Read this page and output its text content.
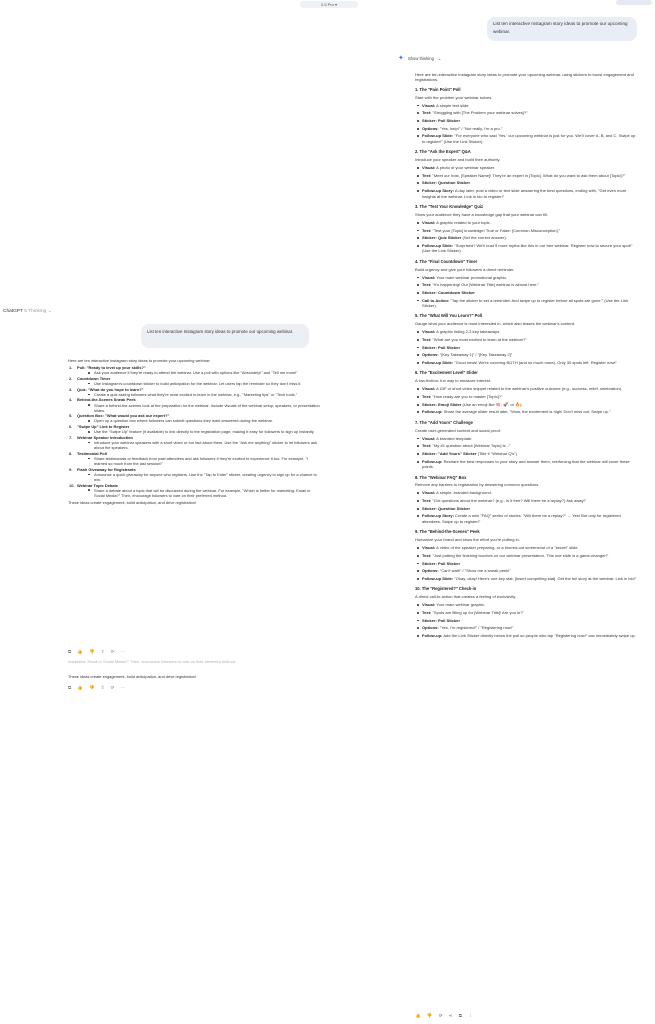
2.5 Pro ▾
List ten interactive Instagram story ideas to promote our upcoming webinar.
✦ Show thinking ⌄
Here are ten interactive Instagram story ideas to promote your upcoming webinar, using stickers to boost engagement and registrations.
1. The "Pain Point" Poll
Start with the problem your webinar solves.
Visual: A simple text slide.
Text: "Struggling with [The Problem your webinar solves]?"
Sticker: Poll Sticker
Options: "Yes, help!" / "Not really, I'm a pro."
Follow-up Slide: "For everyone who said 'Yes,' our upcoming webinar is just for you. We'll cover A, B, and C. Swipe up to register!" (Use the Link Sticker).
2. The "Ask the Expert" Q&A
Introduce your speaker and build their authority.
Visual: A photo of your webinar speaker.
Text: "Meet our host, [Speaker Name]! They're an expert in [Topic]. What do you want to ask them about [Topic]?"
Sticker: Question Sticker
Follow-up Story: A day later, post a video or text slide answering the best questions, ending with, "Get even more insights at the webinar. Link in bio to register!"
3. The "Test Your Knowledge" Quiz
Show your audience they have a knowledge gap that your webinar can fill.
Visual: A graphic related to your topic.
Text: "Test your [Topic] knowledge! True or False: [Common Misconception]."
Sticker: Quiz Sticker (Set the correct answer).
Follow-up Slide: "Surprised? We'll bust 5 more myths like this in our free webinar. Register now to secure your spot!" (Use the Link Sticker).
4. The "Final Countdown" Timer
Build urgency and give your followers a direct reminder.
Visual: Your main webinar promotional graphic.
Text: "It's happening! Our [Webinar Title] webinar is almost here."
Sticker: Countdown Sticker
Call to Action: "Tap the sticker to set a reminder! And swipe up to register before all spots are gone." (Use the Link Sticker).
5. The "What Will You Learn?" Poll
Gauge what your audience is most interested in, which also teases the webinar's content.
Visual: A graphic listing 2-3 key takeaways.
Text: "What are you most excited to learn at the webinar?"
Sticker: Poll Sticker
Options: "[Key Takeaway 1]" / "[Key Takeaway 2]"
Follow-up Slide: "Good news! We're covering BOTH (and so much more). Only 30 spots left. Register now!"
6. The "Excitement Level" Slider
A low-friction, fun way to measure interest.
Visual: A GIF or short video snippet related to the webinar's positive outcome (e.g., success, relief, celebration).
Text: "How ready are you to master [Topic]?"
Sticker: Emoji Slider (Use an emoji like 🧠, 🚀, or 🔥).
Follow-up: Share the average slider result later, "Wow, the excitement is high! Don't miss out. Swipe up."
7. The "Add Yours" Challenge
Create user-generated content and social proof.
Visual: A branded template.
Text: "My #1 question about [Webinar Topic] is..."
Sticker: "Add Yours" Sticker (Title it "Webinar Q's")
Follow-up: Reshare the best responses to your story and answer them, reinforcing that the webinar will cover these points.
8. The "Webinar FAQ" Box
Remove any barriers to registration by answering common questions.
Visual: A simple, branded background.
Text: "Got questions about the webinar? (e.g., Is it free? Will there be a replay?) Ask away!"
Sticker: Question Sticker
Follow-up Story: Create a mini "FAQ" series of stories. "Will there be a replay?" → Yes! But only for registered attendees. Swipe up to register!"
9. The "Behind-the-Scenes" Peek
Humanize your brand and show the effort you're putting in.
Visual: A video of the speaker preparing, or a blurred-out screenshot of a "secret" slide.
Text: "Just putting the finishing touches on our webinar presentation. This one slide is a game-changer!"
Sticker: Poll Sticker
Options: "Can't wait!" / "Show me a sneak peek!"
Follow-up Slide: "Okay, okay! Here's one key stat: [Insert compelling stat]. Get the full story at the webinar. Link in bio!"
10. The "Registered?" Check-in
A direct call-to-action that creates a feeling of exclusivity.
Visual: Your main webinar graphic.
Text: "Spots are filling up for [Webinar Title]! Are you in?"
Sticker: Poll Sticker
Options: "Yes, I'm registered!" / "Registering now!"
Follow-up: Add the Link Sticker directly below the poll so people who tap "Registering now!" can immediately swipe up.
👍 👎 ⟳ ⋖ ⧉ ⋮
ChatGPT 5 Thinking ⌄
List ten interactive Instagram story ideas to promote our upcoming webinar.
Here are ten interactive Instagram story ideas to promote your upcoming webinar:
1. Poll: "Ready to level up your skills?"
Ask your audience if they're ready to attend the webinar. Use a poll with options like "Absolutely!" and "Tell me more!"
2. Countdown Timer
Use Instagram's countdown sticker to build anticipation for the webinar. Let users tap the reminder so they don't miss it.
3. Quiz: "What do you hope to learn?"
Create a quiz asking followers what they're most excited to learn in the webinar, e.g., "Marketing tips" or "Tech tools."
4. Behind-the-Scenes Sneak Peek
Share a behind-the-scenes look at the preparation for the webinar. Include visuals of the webinar setup, speakers, or presentation slides.
5. Question Box: "What would you ask our expert?"
Open up a question box where followers can submit questions they want answered during the webinar.
6. "Swipe Up" Link to Register
Use the "Swipe Up" feature (if available) to link directly to the registration page, making it easy for followers to sign up instantly.
7. Webinar Speaker Introduction
Introduce your webinar speakers with a short video or fun fact about them. Use the "Ask me anything" sticker to let followers ask about the speakers.
8. Testimonial Poll
Share testimonials or feedback from past attendees and ask followers if they're excited to experience it too. For example, "I learned so much from the last session!"
9. Flash Giveaway for Registrants
Announce a quick giveaway for anyone who registers. Use the "Tap to Enter" sticker, creating urgency to sign up for a chance to win.
10. Webinar Topic Debate
Share a debate about a topic that will be discussed during the webinar. For example, "Which is better for marketing: Email or Social Media?" Then, encourage followers to vote on their preferred method.
These ideas create engagement, build anticipation, and drive registration!
⧉ 👍 👎 ⇧ ⟳ ⋯
marketing: Email or Social Media?" Then, encourage followers to vote on their preferred method.
These ideas create engagement, build anticipation, and drive registration!
⧉ 👍 👎 ⇧ ⟳ ⋯
